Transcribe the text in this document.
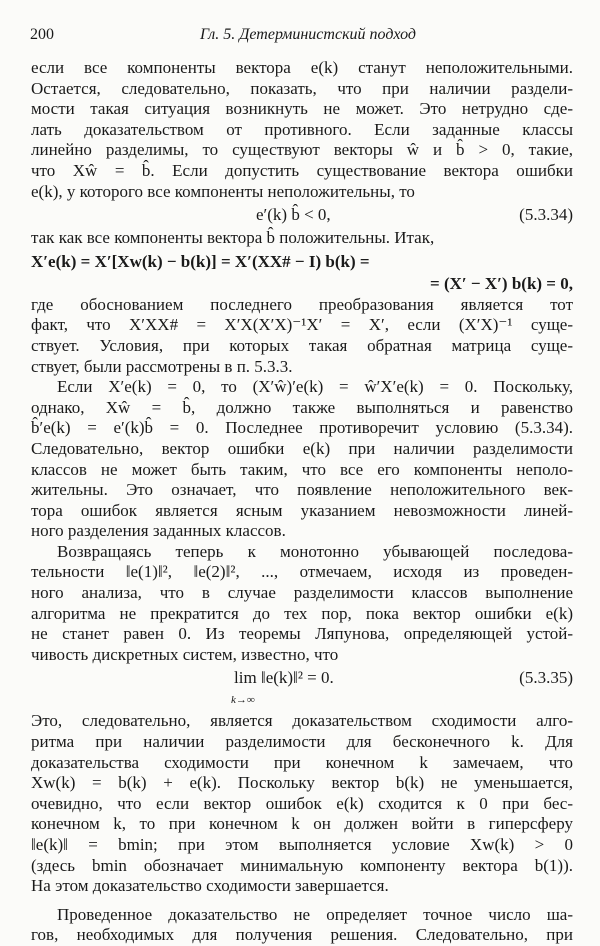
200	Гл. 5. Детерминистский подход

если все компоненты вектора e(k) станут неположительными.

Остается, следовательно, показать, что при наличии раздели-

мости такая ситуация возникнуть не может. Это нетрудно сде-

лать доказательством от противного. Если заданные классы

линейно разделимы, то существуют векторы ŵ и b̂ > 0, такие,

что Xŵ = b̂. Если допустить существование вектора ошибки

e(k), у которого все компоненты неположительны, то

e′(k) b̂ < 0,	(5.3.34)

так как все компоненты вектора b̂ положительны. Итак,

X′e(k) = X′[Xw(k) − b(k)] = X′(XX# − I) b(k) =
= (X′ − X′) b(k) = 0,

где обоснованием последнего преобразования является тот

факт, что X′XX# = X′X(X′X)⁻¹X′ = X′, если (X′X)⁻¹ суще-

ствует. Условия, при которых такая обратная матрица суще-

ствует, были рассмотрены в п. 5.3.3.

Если X′e(k) = 0, то (X′ŵ)′e(k) = ŵ′X′e(k) = 0. Поскольку,

однако, Xŵ = b̂, должно также выполняться и равенство

b̂′e(k) = e′(k)b̂ = 0. Последнее противоречит условию (5.3.34).

Следовательно, вектор ошибки e(k) при наличии разделимости

классов не может быть таким, что все его компоненты неполо-

жительны. Это означает, что появление неположительного век-

тора ошибок является ясным указанием невозможности линей-

ного разделения заданных классов.

Возвращаясь теперь к монотонно убывающей последова-

тельности ‖e(1)‖², ‖e(2)‖², ..., отмечаем, исходя из проведен-

ного анализа, что в случае разделимости классов выполнение

алгоритма не прекратится до тех пор, пока вектор ошибки e(k)

не станет равен 0. Из теоремы Ляпунова, определяющей устой-

чивость дискретных систем, известно, что

lim ‖e(k)‖² = 0.
k→∞
(5.3.35)

Это, следовательно, является доказательством сходимости алго-

ритма при наличии разделимости для бесконечного k. Для

доказательства сходимости при конечном k замечаем, что

Xw(k) = b(k) + e(k). Поскольку вектор b(k) не уменьшается,

очевидно, что если вектор ошибок e(k) сходится к 0 при бес-

конечном k, то при конечном k он должен войти в гиперсферу

‖e(k)‖ = bmin; при этом выполняется условие Xw(k) > 0

(здесь bmin обозначает минимальную компоненту вектора b(1)).

На этом доказательство сходимости завершается.

Проведенное доказательство не определяет точное число ша-

гов, необходимых для получения решения. Следовательно, при
